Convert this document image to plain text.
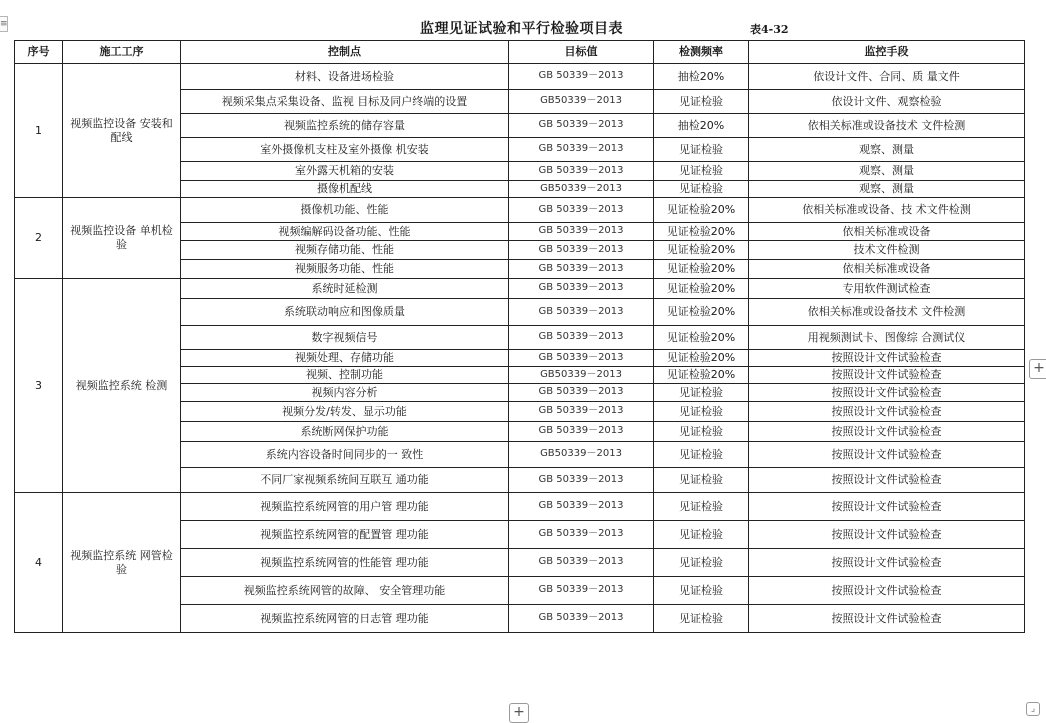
≡	监理见证试验和平行检验项目表	表4-32
序号	施工工序	控制点	目标值	检测频率	监控手段
1	视频监控设备 安装和配线	材料、设备进场检验	GB 50339－2013	抽检20%	依设计文件、合同、质 量文件
		视频采集点采集设备、监视 目标及同户终端的设置	GB50339－2013	见证检验	依设计文件、观察检验
		视频监控系统的储存容量	GB 50339－2013	抽检20%	依相关标准或设备技术 文件检测
		室外摄像机支柱及室外摄像 机安装	GB 50339－2013	见证检验	观察、测量
		室外露天机箱的安装	GB 50339－2013	见证检验	观察、测量
		摄像机配线	GB50339－2013	见证检验	观察、测量
2	视频监控设备 单机检验	摄像机功能、性能	GB 50339－2013	见证检验20%	依相关标准或设备、技 术文件检测
		视频编解码设备功能、性能	GB 50339－2013	见证检验20%	依相关标准或设备
		视频存储功能、性能	GB 50339－2013	见证检验20%	技术文件检测
		视频服务功能、性能	GB 50339－2013	见证检验20%	依相关标准或设备
3	视频监控系统 检测	系统时延检测	GB 50339－2013	见证检验20%	专用软件测试检查
		系统联动响应和图像质量	GB 50339－2013	见证检验20%	依相关标准或设备技术 文件检测
		数字视频信号	GB 50339－2013	见证检验20%	用视频测试卡、图像综 合测试仪
		视频处理、存储功能	GB 50339－2013	见证检验20%	按照设计文件试验检查
		视频、控制功能	GB50339－2013	见证检验20%	按照设计文件试验检查
		视频内容分析	GB 50339－2013	见证检验	按照设计文件试验检查
		视频分发/转发、显示功能	GB 50339－2013	见证检验	按照设计文件试验检查
		系统断网保护功能	GB 50339－2013	见证检验	按照设计文件试验检查
		系统内容设备时间同步的一 致性	GB50339－2013	见证检验	按照设计文件试验检查
		不同厂家视频系统间互联互 通功能	GB 50339－2013	见证检验	按照设计文件试验检查
4	视频监控系统 网管检验	视频监控系统网管的用户管 理功能	GB 50339－2013	见证检验	按照设计文件试验检查
		视频监控系统网管的配置管 理功能	GB 50339－2013	见证检验	按照设计文件试验检查
		视频监控系统网管的性能管 理功能	GB 50339－2013	见证检验	按照设计文件试验检查
		视频监控系统网管的故障、 安全管理功能	GB 50339－2013	见证检验	按照设计文件试验检查
		视频监控系统网管的日志管 理功能	GB 50339－2013	见证检验	按照设计文件试验检查
+
+	⌟
